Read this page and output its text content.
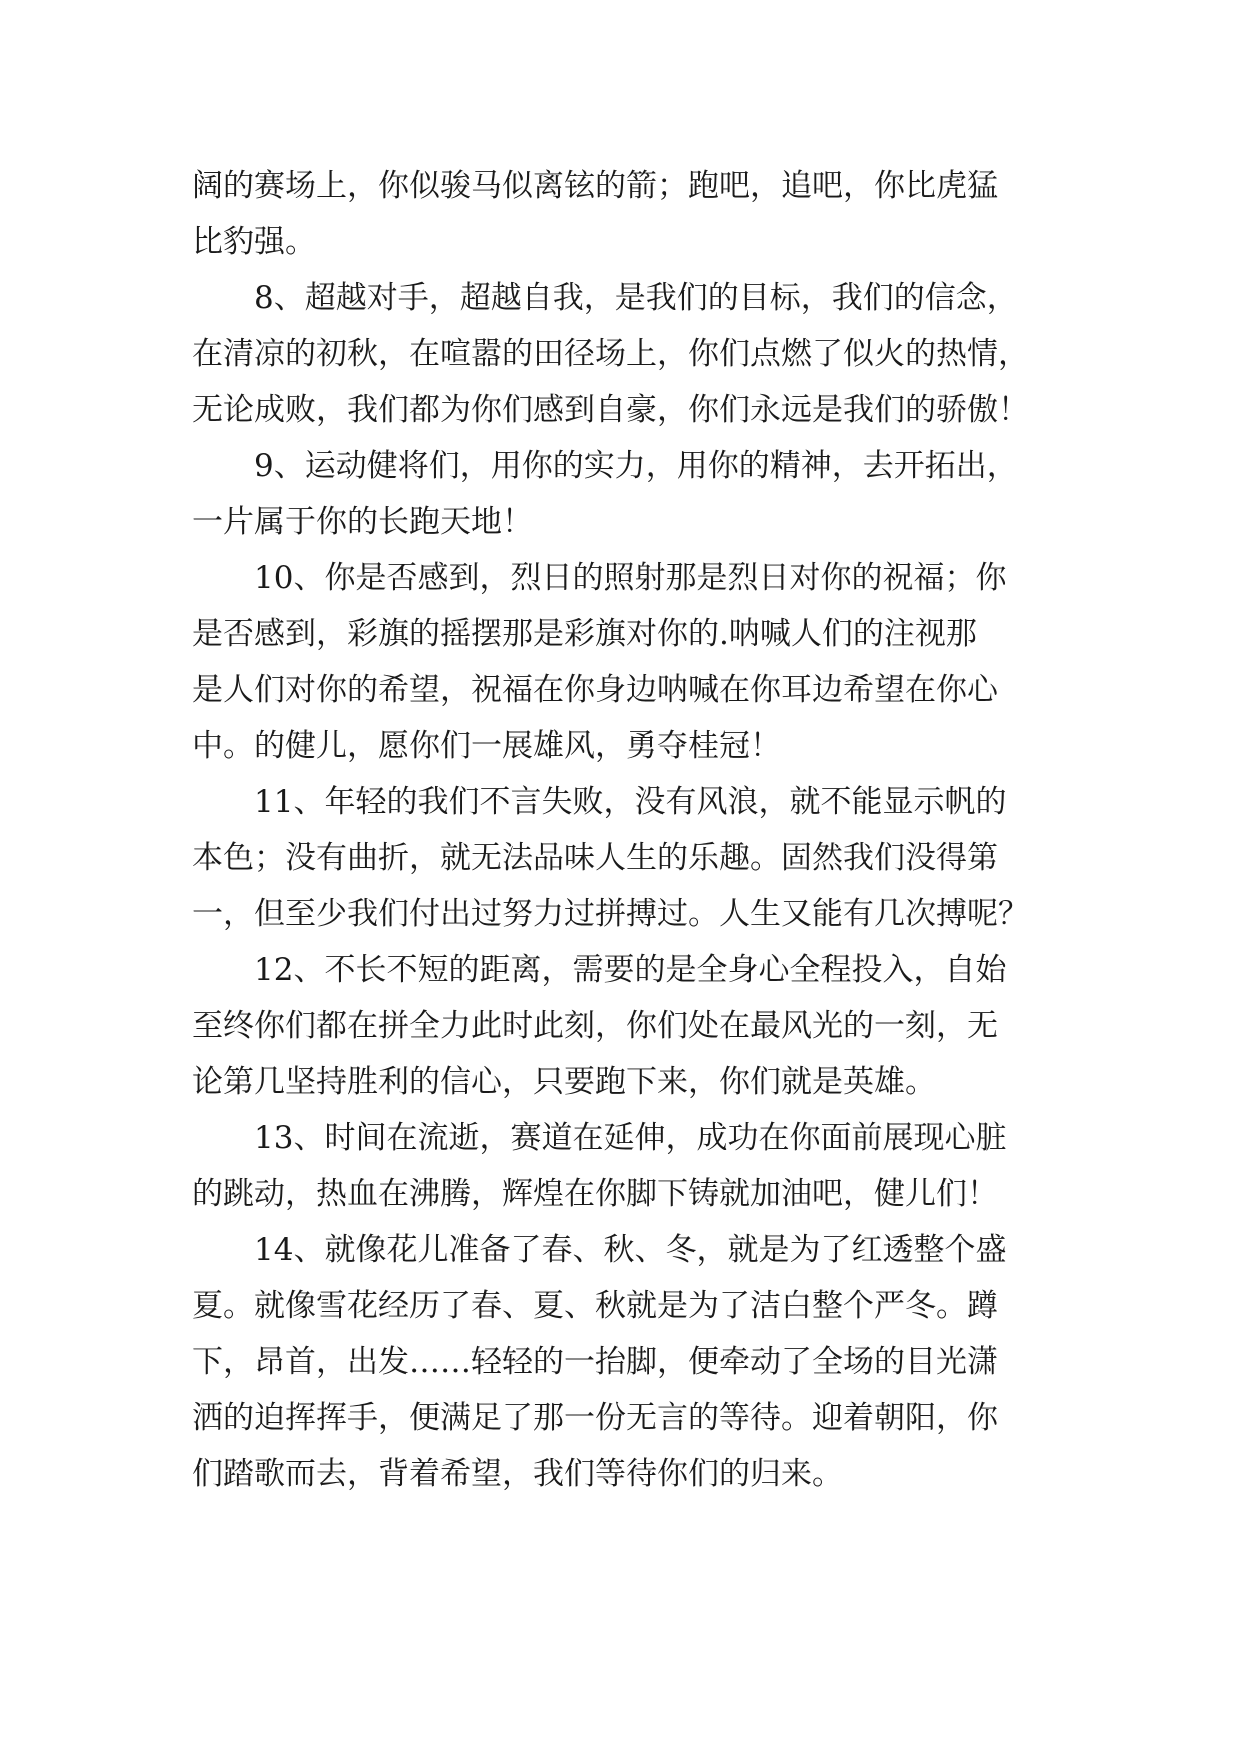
阔的赛场上，你似骏马似离铉的箭；跑吧，追吧，你比虎猛
比豹强。
8、超越对手，超越自我，是我们的目标，我们的信念，
在清凉的初秋，在喧嚣的田径场上，你们点燃了似火的热情，
无论成败，我们都为你们感到自豪，你们永远是我们的骄傲！
9、运动健将们，用你的实力，用你的精神，去开拓出，
一片属于你的长跑天地！
10、你是否感到，烈日的照射那是烈日对你的祝福；你
是否感到，彩旗的摇摆那是彩旗对你的.呐喊人们的注视那
是人们对你的希望，祝福在你身边呐喊在你耳边希望在你心
中。的健儿，愿你们一展雄风，勇夺桂冠！
11、年轻的我们不言失败，没有风浪，就不能显示帆的
本色；没有曲折，就无法品味人生的乐趣。固然我们没得第
一，但至少我们付出过努力过拼搏过。人生又能有几次搏呢？
12、不长不短的距离，需要的是全身心全程投入，自始
至终你们都在拼全力此时此刻，你们处在最风光的一刻，无
论第几坚持胜利的信心，只要跑下来，你们就是英雄。
13、时间在流逝，赛道在延伸，成功在你面前展现心脏
的跳动，热血在沸腾，辉煌在你脚下铸就加油吧，健儿们！
14、就像花儿准备了春、秋、冬，就是为了红透整个盛
夏。就像雪花经历了春、夏、秋就是为了洁白整个严冬。蹲
下，昂首，出发……轻轻的一抬脚，便牵动了全场的目光潇
洒的迫挥挥手，便满足了那一份无言的等待。迎着朝阳，你
们踏歌而去，背着希望，我们等待你们的归来。
